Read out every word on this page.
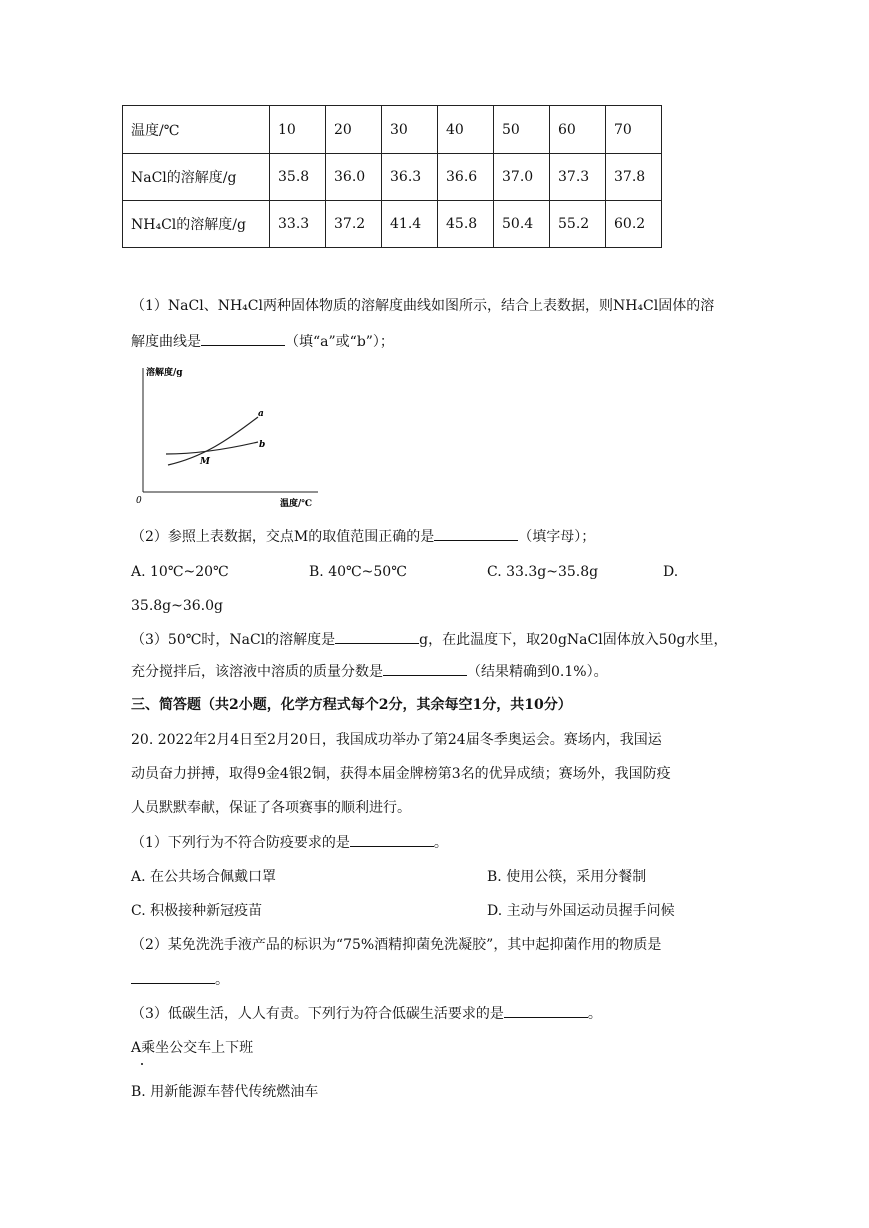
温度/℃	10	20	30	40	50	60	70
NaCl的溶解度/g	35.8	36.0	36.3	36.6	37.0	37.3	37.8
NH₄Cl的溶解度/g	33.3	37.2	41.4	45.8	50.4	55.2	60.2
（1）NaCl、NH₄Cl两种固体物质的溶解度曲线如图所示，结合上表数据，则NH₄Cl固体的溶
解度曲线是	（填“a”或“b”）；
溶解度/g
温度/℃
0
a
b
M
（2）参照上表数据，交点M的取值范围正确的是	（填字母）；
A. 10℃~20℃	B. 40℃~50℃	C. 33.3g~35.8g	D.
35.8g~36.0g
（3）50℃时，NaCl的溶解度是	g，在此温度下，取20gNaCl固体放入50g水里，
充分搅拌后，该溶液中溶质的质量分数是	（结果精确到0.1%）。
三、简答题（共2小题，化学方程式每个2分，其余每空1分，共10分）
20. 2022年2月4日至2月20日，我国成功举办了第24届冬季奥运会。赛场内，我国运
动员奋力拼搏，取得9金4银2铜，获得本届金牌榜第3名的优异成绩；赛场外，我国防疫
人员默默奉献，保证了各项赛事的顺利进行。
（1）下列行为不符合防疫要求的是	。
A. 在公共场合佩戴口罩	B. 使用公筷，采用分餐制
C. 积极接种新冠疫苗	D. 主动与外国运动员握手问候
（2）某免洗洗手液产品的标识为“75%酒精抑菌免洗凝胶”，其中起抑菌作用的物质是
。
（3）低碳生活，人人有责。下列行为符合低碳生活要求的是	。
A乘坐公交车上下班
B. 用新能源车替代传统燃油车
